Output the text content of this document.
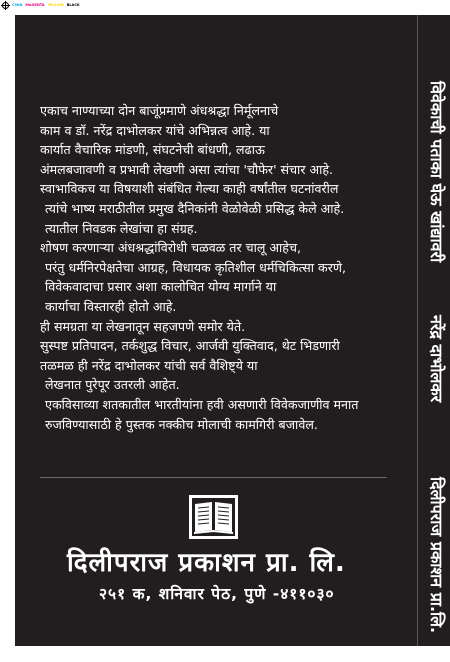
CYAN MAGENTA YELLOW BLACK

एकाच नाण्याच्या दोन बाजूंप्रमाणे अंधश्रद्धा निर्मूलनाचे

काम व डॉ. नरेंद्र दाभोलकर यांचे अभिन्नत्व आहे. या

कार्यात वैचारिक मांडणी, संघटनेची बांधणी, लढाऊ

अंमलबजावणी व प्रभावी लेखणी असा त्यांचा 'चौफेर' संचार आहे.

स्वाभाविकच या विषयाशी संबंधित गेल्या काही वर्षांतील घटनांवरील

त्यांचे भाष्य मराठीतील प्रमुख दैनिकांनी वेळोवेळी प्रसिद्ध केले आहे.

त्यातील निवडक लेखांचा हा संग्रह.

शोषण करणाऱ्या अंधश्रद्धांविरोधी चळवळ तर चालू आहेच,

परंतु धर्मनिरपेक्षतेचा आग्रह, विधायक कृतिशील धर्मचिकित्सा करणे,

विवेकवादाचा प्रसार अशा कालोचित योग्य मार्गाने या

कार्याचा विस्तारही होतो आहे.

ही समग्रता या लेखनातून सहजपणे समोर येते.

सुस्पष्ट प्रतिपादन, तर्कशुद्ध विचार, आर्जवी युक्तिवाद, थेट भिडणारी

तळमळ ही नरेंद्र दाभोलकर यांची सर्व वैशिष्ट्ये या

लेखनात पुरेपूर उतरली आहेत.

एकविसाव्या शतकातील भारतीयांना हवी असणारी विवेकजाणीव मनात

रुजविण्यासाठी हे पुस्तक नक्कीच मोलाची कामगिरी बजावेल.

दिलीपराज प्रकाशन प्रा. लि.
२५१ क, शनिवार पेठ, पुणे -४११०३०
विवेकाची पताका घेऊ खांद्यावरी
नरेंद्र दाभोलकर
दिलीपराज प्रकाशन प्रा.लि.
